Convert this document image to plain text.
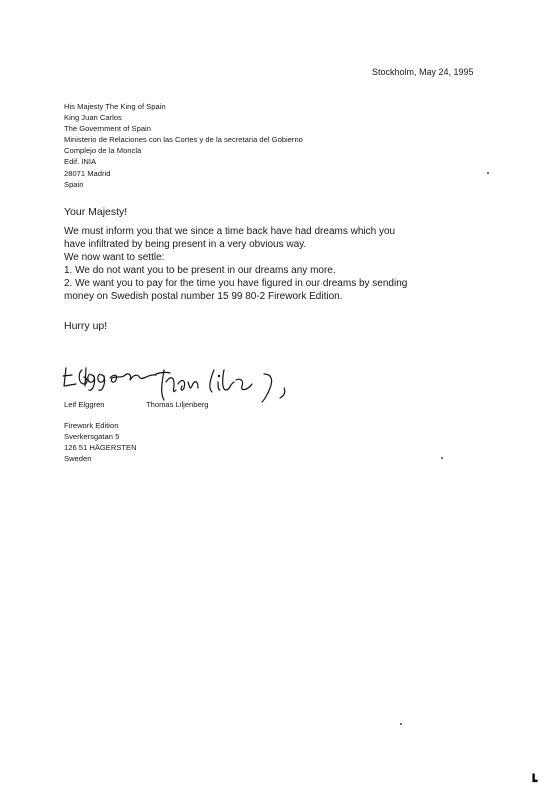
Stockholm, May 24, 1995
His Majesty The King of Spain
King Juan Carlos
The Government of Spain
Ministerio de Relaciones con las Cortes y de la secretaria del Gobierno
Complejo de la Moncla
Edif. INIA
28071 Madrid
Spain
Your Majesty!
We must inform you that we since a time back have had dreams which you
have infiltrated by being present in a very obvious way.
We now want to settle:
1. We do not want you to be present in our dreams any more.
2. We want you to pay for the time you have figured in our dreams by sending
money on Swedish postal number 15 99 80-2 Firework Edition.
Hurry up!
Leif Elggren	Thomas Liljenberg
Firework Edition
Sverkersgatan 5
126 51 HÄGERSTEN
Sweden
┗
